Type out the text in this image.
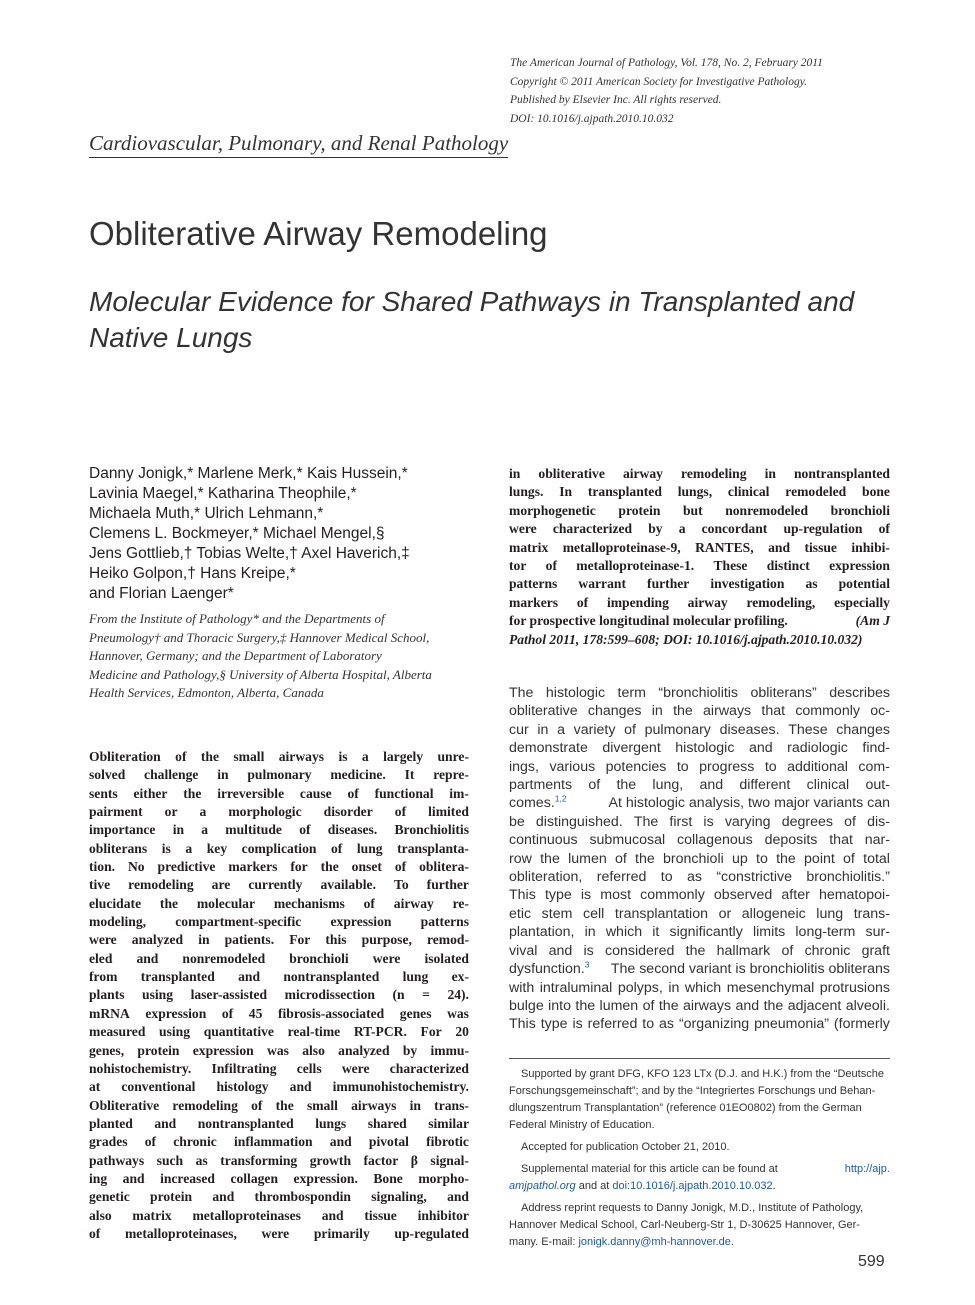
The American Journal of Pathology, Vol. 178, No. 2, February 2011
Copyright © 2011 American Society for Investigative Pathology.
Published by Elsevier Inc. All rights reserved.
DOI: 10.1016/j.ajpath.2010.10.032
Cardiovascular, Pulmonary, and Renal Pathology
Obliterative Airway Remodeling
Molecular Evidence for Shared Pathways in Transplanted and Native Lungs
Danny Jonigk,* Marlene Merk,* Kais Hussein,*
Lavinia Maegel,* Katharina Theophile,*
Michaela Muth,* Ulrich Lehmann,*
Clemens L. Bockmeyer,* Michael Mengel,§
Jens Gottlieb,† Tobias Welte,† Axel Haverich,‡
Heiko Golpon,† Hans Kreipe,*
and Florian Laenger*
From the Institute of Pathology* and the Departments of
Pneumology† and Thoracic Surgery,‡ Hannover Medical School,
Hannover, Germany; and the Department of Laboratory
Medicine and Pathology,§ University of Alberta Hospital, Alberta
Health Services, Edmonton, Alberta, Canada
Obliteration of the small airways is a largely unre-
solved challenge in pulmonary medicine. It repre-
sents either the irreversible cause of functional im-
pairment or a morphologic disorder of limited
importance in a multitude of diseases. Bronchiolitis
obliterans is a key complication of lung transplanta-
tion. No predictive markers for the onset of oblitera-
tive remodeling are currently available. To further
elucidate the molecular mechanisms of airway re-
modeling, compartment-specific expression patterns
were analyzed in patients. For this purpose, remod-
eled and nonremodeled bronchioli were isolated
from transplanted and nontransplanted lung ex-
plants using laser-assisted microdissection (n = 24).
mRNA expression of 45 fibrosis-associated genes was
measured using quantitative real-time RT-PCR. For 20
genes, protein expression was also analyzed by immu-
nohistochemistry. Infiltrating cells were characterized
at conventional histology and immunohistochemistry.
Obliterative remodeling of the small airways in trans-
planted and nontransplanted lungs shared similar
grades of chronic inflammation and pivotal fibrotic
pathways such as transforming growth factor β signal-
ing and increased collagen expression. Bone morpho-
genetic protein and thrombospondin signaling, and
also matrix metalloproteinases and tissue inhibitor
of metalloproteinases, were primarily up-regulated
in obliterative airway remodeling in nontransplanted
lungs. In transplanted lungs, clinical remodeled bone
morphogenetic protein but nonremodeled bronchioli
were characterized by a concordant up-regulation of
matrix metalloproteinase-9, RANTES, and tissue inhibi-
tor of metalloproteinase-1. These distinct expression
patterns warrant further investigation as potential
markers of impending airway remodeling, especially
for prospective longitudinal molecular profiling.	(Am J
Pathol 2011, 178:599–608; DOI: 10.1016/j.ajpath.2010.10.032)
The histologic term “bronchiolitis obliterans” describes
obliterative changes in the airways that commonly oc-
cur in a variety of pulmonary diseases. These changes
demonstrate divergent histologic and radiologic find-
ings, various potencies to progress to additional com-
partments of the lung, and different clinical out-
comes.$^{1,2}$	At histologic analysis, two major variants can
be distinguished. The first is varying degrees of dis-
continuous submucosal collagenous deposits that nar-
row the lumen of the bronchioli up to the point of total
obliteration, referred to as “constrictive bronchiolitis.”
This type is most commonly observed after hematopoi-
etic stem cell transplantation or allogeneic lung trans-
plantation, in which it significantly limits long-term sur-
vival and is considered the hallmark of chronic graft
dysfunction.$^3$ The second variant is bronchiolitis obliterans
with intraluminal polyps, in which mesenchymal protrusions
bulge into the lumen of the airways and the adjacent alveoli.
This type is referred to as “organizing pneumonia” (formerly
Supported by grant DFG, KFO 123 LTx (D.J. and H.K.) from the “Deutsche
Forschungsgemeinschaft”; and by the “Integriertes Forschungs und Behan-
dlungszentrum Transplantation” (reference 01EO0802) from the German
Federal Ministry of Education.
Accepted for publication October 21, 2010.
Supplemental material for this article can be found at	http://ajp.
amjpathol.org and at doi:10.1016/j.ajpath.2010.10.032.
Address reprint requests to Danny Jonigk, M.D., Institute of Pathology,
Hannover Medical School, Carl-Neuberg-Str 1, D-30625 Hannover, Ger-
many. E-mail: jonigk.danny@mh-hannover.de.
599
